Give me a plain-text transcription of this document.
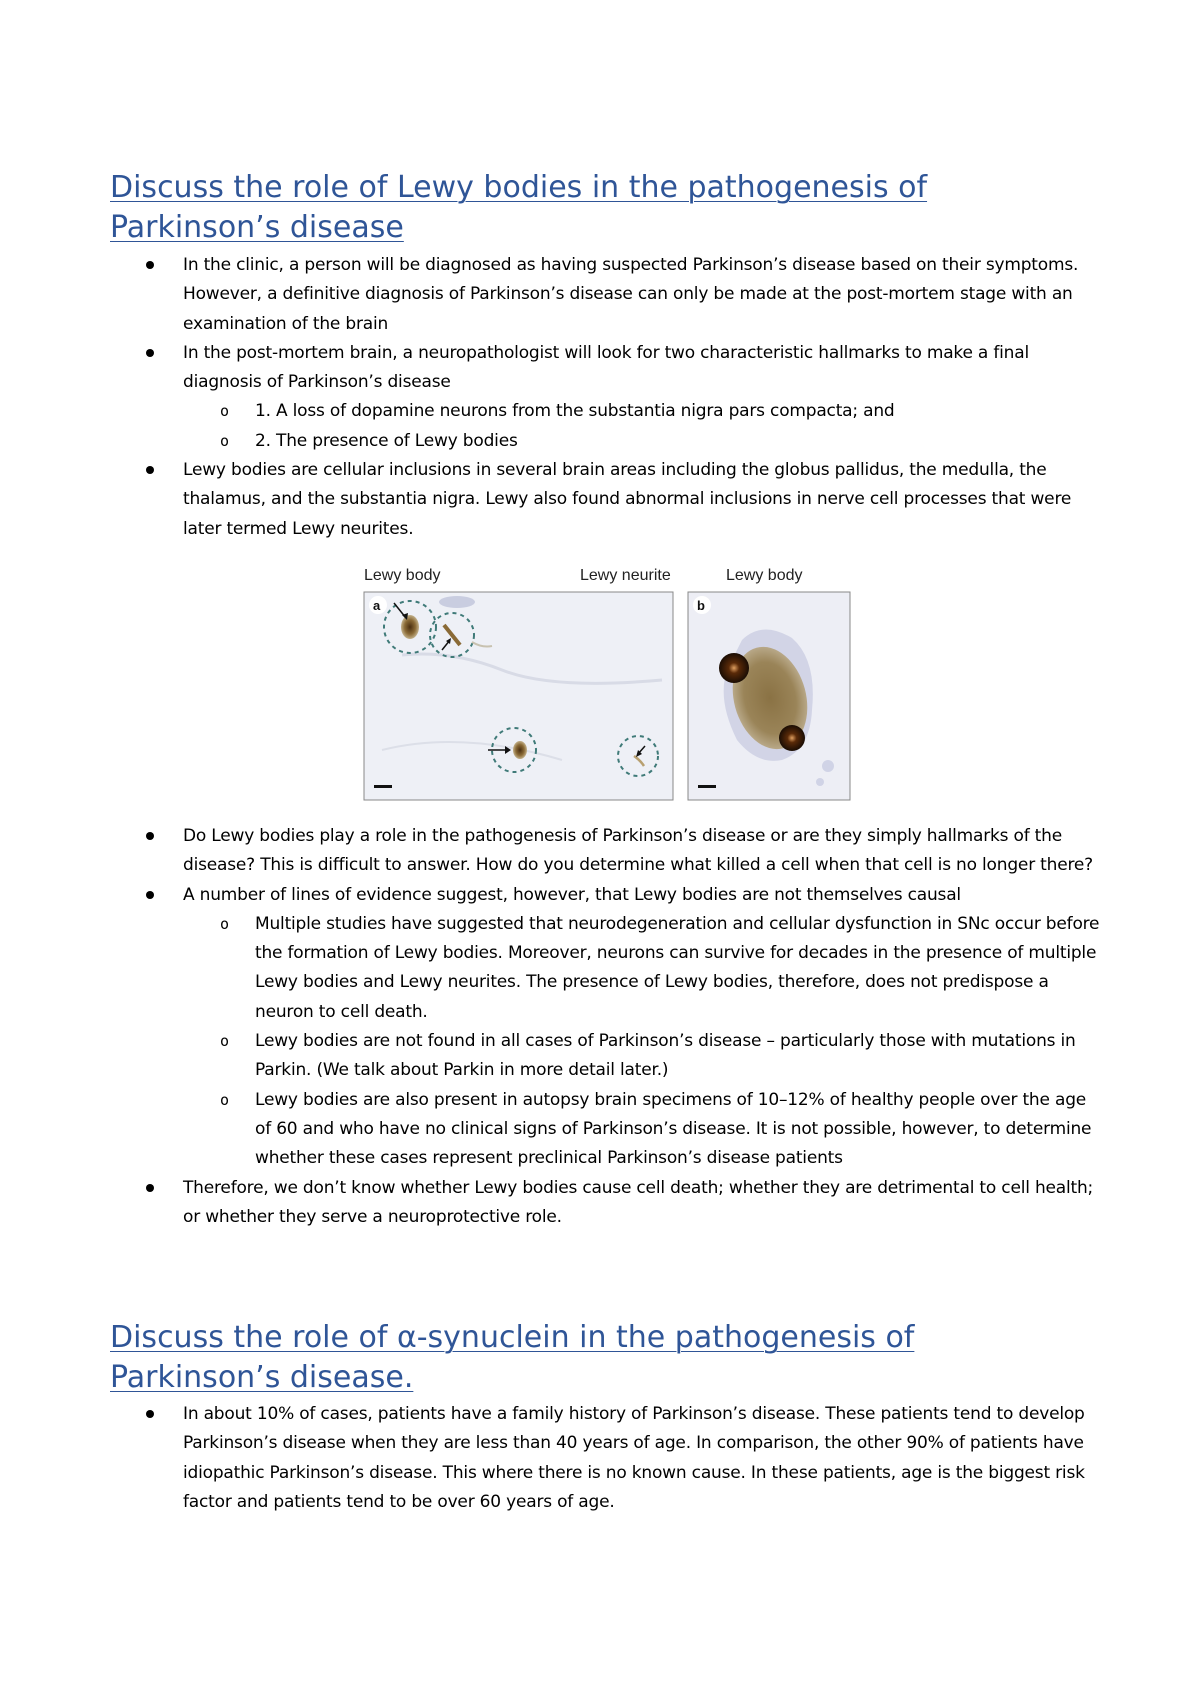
Discuss the role of Lewy bodies in the pathogenesis of
Parkinson’s disease
In the clinic, a person will be diagnosed as having suspected Parkinson’s disease based on their symptoms. However, a definitive diagnosis of Parkinson’s disease can only be made at the post-mortem stage with an examination of the brain
In the post-mortem brain, a neuropathologist will look for two characteristic hallmarks to make a final diagnosis of Parkinson’s disease
o 1. A loss of dopamine neurons from the substantia nigra pars compacta; and
o 2. The presence of Lewy bodies
Lewy bodies are cellular inclusions in several brain areas including the globus pallidus, the medulla, the thalamus, and the substantia nigra. Lewy also found abnormal inclusions in nerve cell processes that were later termed Lewy neurites.
Lewy body	Lewy neurite	Lewy body
a	b
Do Lewy bodies play a role in the pathogenesis of Parkinson’s disease or are they simply hallmarks of the disease? This is difficult to answer. How do you determine what killed a cell when that cell is no longer there?
A number of lines of evidence suggest, however, that Lewy bodies are not themselves causal
o Multiple studies have suggested that neurodegeneration and cellular dysfunction in SNc occur before the formation of Lewy bodies. Moreover, neurons can survive for decades in the presence of multiple Lewy bodies and Lewy neurites. The presence of Lewy bodies, therefore, does not predispose a neuron to cell death.
o Lewy bodies are not found in all cases of Parkinson’s disease – particularly those with mutations in Parkin. (We talk about Parkin in more detail later.)
o Lewy bodies are also present in autopsy brain specimens of 10–12% of healthy people over the age of 60 and who have no clinical signs of Parkinson’s disease. It is not possible, however, to determine whether these cases represent preclinical Parkinson’s disease patients
Therefore, we don’t know whether Lewy bodies cause cell death; whether they are detrimental to cell health; or whether they serve a neuroprotective role.
Discuss the role of α-synuclein in the pathogenesis of
Parkinson’s disease.
In about 10% of cases, patients have a family history of Parkinson’s disease. These patients tend to develop Parkinson’s disease when they are less than 40 years of age. In comparison, the other 90% of patients have idiopathic Parkinson’s disease. This where there is no known cause. In these patients, age is the biggest risk factor and patients tend to be over 60 years of age.
